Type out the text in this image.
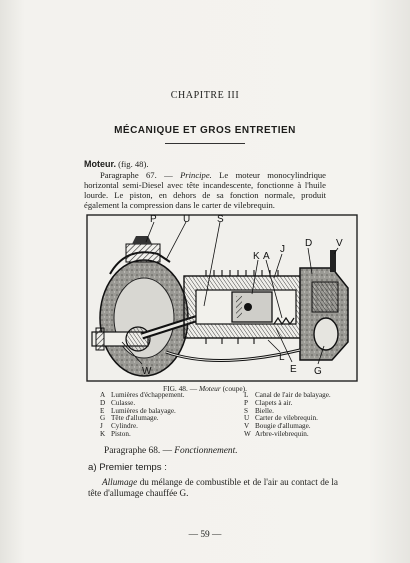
CHAPITRE III
MÉCANIQUE ET GROS ENTRETIEN
Moteur. (fig. 48).
Paragraphe 67. — Principe. Le moteur monocylindrique horizontal semi-Diesel avec tête incandescente, fonctionne à l'huile lourde. Le piston, en dehors de sa fonction normale, produit également la compression dans le carter de vilebrequin.
P	U	S
K A
J
D V
W
L
E G
FIG. 48. — Moteur (coupe).
A Lumières d'échappement.
D Culasse.
E Lumières de balayage.
G Tête d'allumage.
J Cylindre.
K Piston.
L Canal de l'air de balayage.
P Clapets à air.
S Bielle.
U Carter de vilebrequin.
V Bougie d'allumage.
W Arbre-vilebrequin.
Paragraphe 68. — Fonctionnement.
a) Premier temps :
Allumage du mélange de combustible et de l'air au contact de la tête d'allumage chauffée G.
— 59 —
